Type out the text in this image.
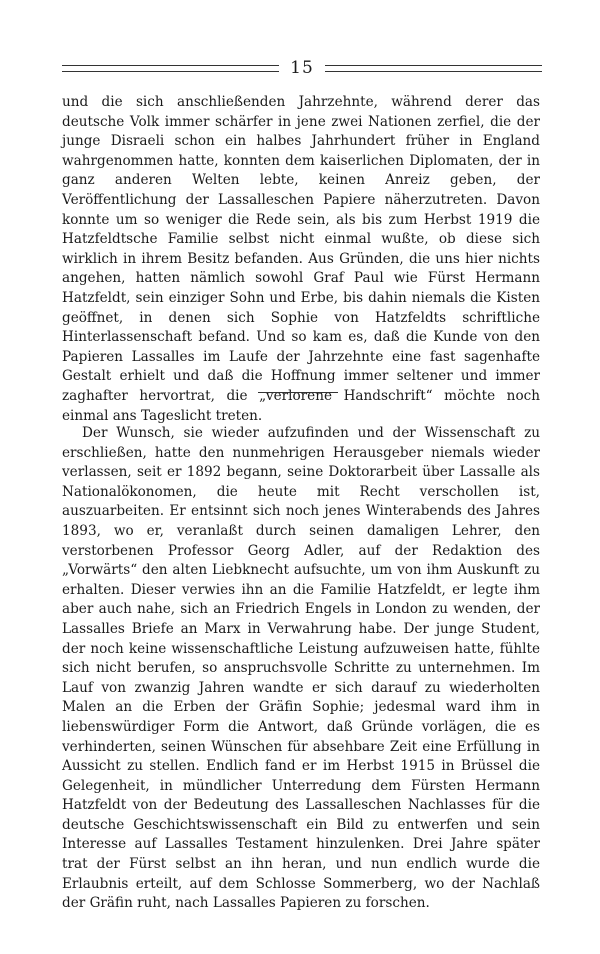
15

und die sich anschließenden Jahrzehnte, während derer das deutsche Volk immer schärfer in jene zwei Nationen zerfiel, die der junge Disraeli schon ein halbes Jahrhundert früher in England wahrgenommen hatte, konnten dem kaiserlichen Diplomaten, der in ganz anderen Welten lebte, keinen Anreiz geben, der Veröffentlichung der Lassalleschen Papiere näherzutreten. Davon konnte um so weniger die Rede sein, als bis zum Herbst 1919 die Hatzfeldtsche Familie selbst nicht einmal wußte, ob diese sich wirklich in ihrem Besitz befanden. Aus Gründen, die uns hier nichts angehen, hatten nämlich sowohl Graf Paul wie Fürst Hermann Hatzfeldt, sein einziger Sohn und Erbe, bis dahin niemals die Kisten geöffnet, in denen sich Sophie von Hatzfeldts schriftliche Hinterlassenschaft befand. Und so kam es, daß die Kunde von den Papieren Lassalles im Laufe der Jahrzehnte eine fast sagenhafte Gestalt erhielt und daß die Hoffnung immer seltener und immer zaghafter hervortrat, die „verlorene Handschrift“ möchte noch einmal ans Tageslicht treten.

Der Wunsch, sie wieder aufzufinden und der Wissenschaft zu erschließen, hatte den nunmehrigen Herausgeber niemals wieder verlassen, seit er 1892 begann, seine Doktorarbeit über Lassalle als Nationalökonomen, die heute mit Recht verschollen ist, auszuarbeiten. Er entsinnt sich noch jenes Winterabends des Jahres 1893, wo er, veranlaßt durch seinen damaligen Lehrer, den verstorbenen Professor Georg Adler, auf der Redaktion des „Vorwärts“ den alten Liebknecht aufsuchte, um von ihm Auskunft zu erhalten. Dieser verwies ihn an die Familie Hatzfeldt, er legte ihm aber auch nahe, sich an Friedrich Engels in London zu wenden, der Lassalles Briefe an Marx in Verwahrung habe. Der junge Student, der noch keine wissenschaftliche Leistung aufzuweisen hatte, fühlte sich nicht berufen, so anspruchsvolle Schritte zu unternehmen. Im Lauf von zwanzig Jahren wandte er sich darauf zu wiederholten Malen an die Erben der Gräfin Sophie; jedesmal ward ihm in liebenswürdiger Form die Antwort, daß Gründe vorlägen, die es verhinderten, seinen Wünschen für absehbare Zeit eine Erfüllung in Aussicht zu stellen. Endlich fand er im Herbst 1915 in Brüssel die Gelegenheit, in mündlicher Unterredung dem Fürsten Hermann Hatzfeldt von der Bedeutung des Lassalleschen Nachlasses für die deutsche Geschichtswissenschaft ein Bild zu entwerfen und sein Interesse auf Lassalles Testament hinzulenken. Drei Jahre später trat der Fürst selbst an ihn heran, und nun endlich wurde die Erlaubnis erteilt, auf dem Schlosse Sommerberg, wo der Nachlaß der Gräfin ruht, nach Lassalles Papieren zu forschen.
